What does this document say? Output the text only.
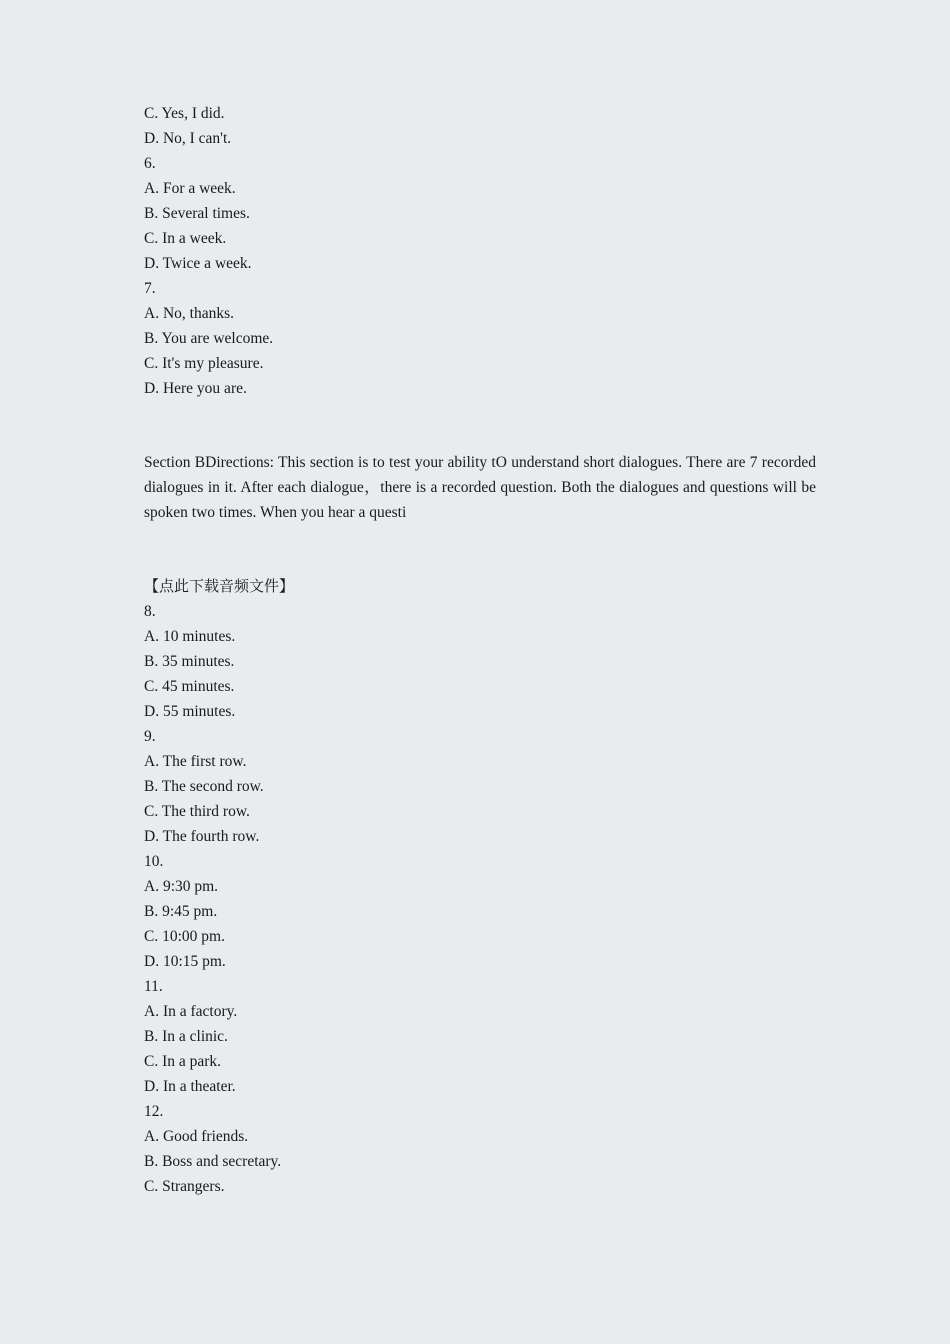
C. Yes, I did.
D. No, I can't.
6.
A. For a week.
B. Several times.
C. In a week.
D. Twice a week.
7.
A. No, thanks.
B. You are welcome.
C. It's my pleasure.
D. Here you are.
Section BDirections: This section is to test your ability tO understand short dialogues. There are 7 recorded dialogues in it. After each dialogue，there is a recorded question. Both the dialogues and questions will be spoken two times. When you hear a questi
【点此下载音频文件】
8.
A. 10 minutes.
B. 35 minutes.
C. 45 minutes.
D. 55 minutes.
9.
A. The first row.
B. The second row.
C. The third row.
D. The fourth row.
10.
A. 9:30 pm.
B. 9:45 pm.
C. 10:00 pm.
D. 10:15 pm.
11.
A. In a factory.
B. In a clinic.
C. In a park.
D. In a theater.
12.
A. Good friends.
B. Boss and secretary.
C. Strangers.
